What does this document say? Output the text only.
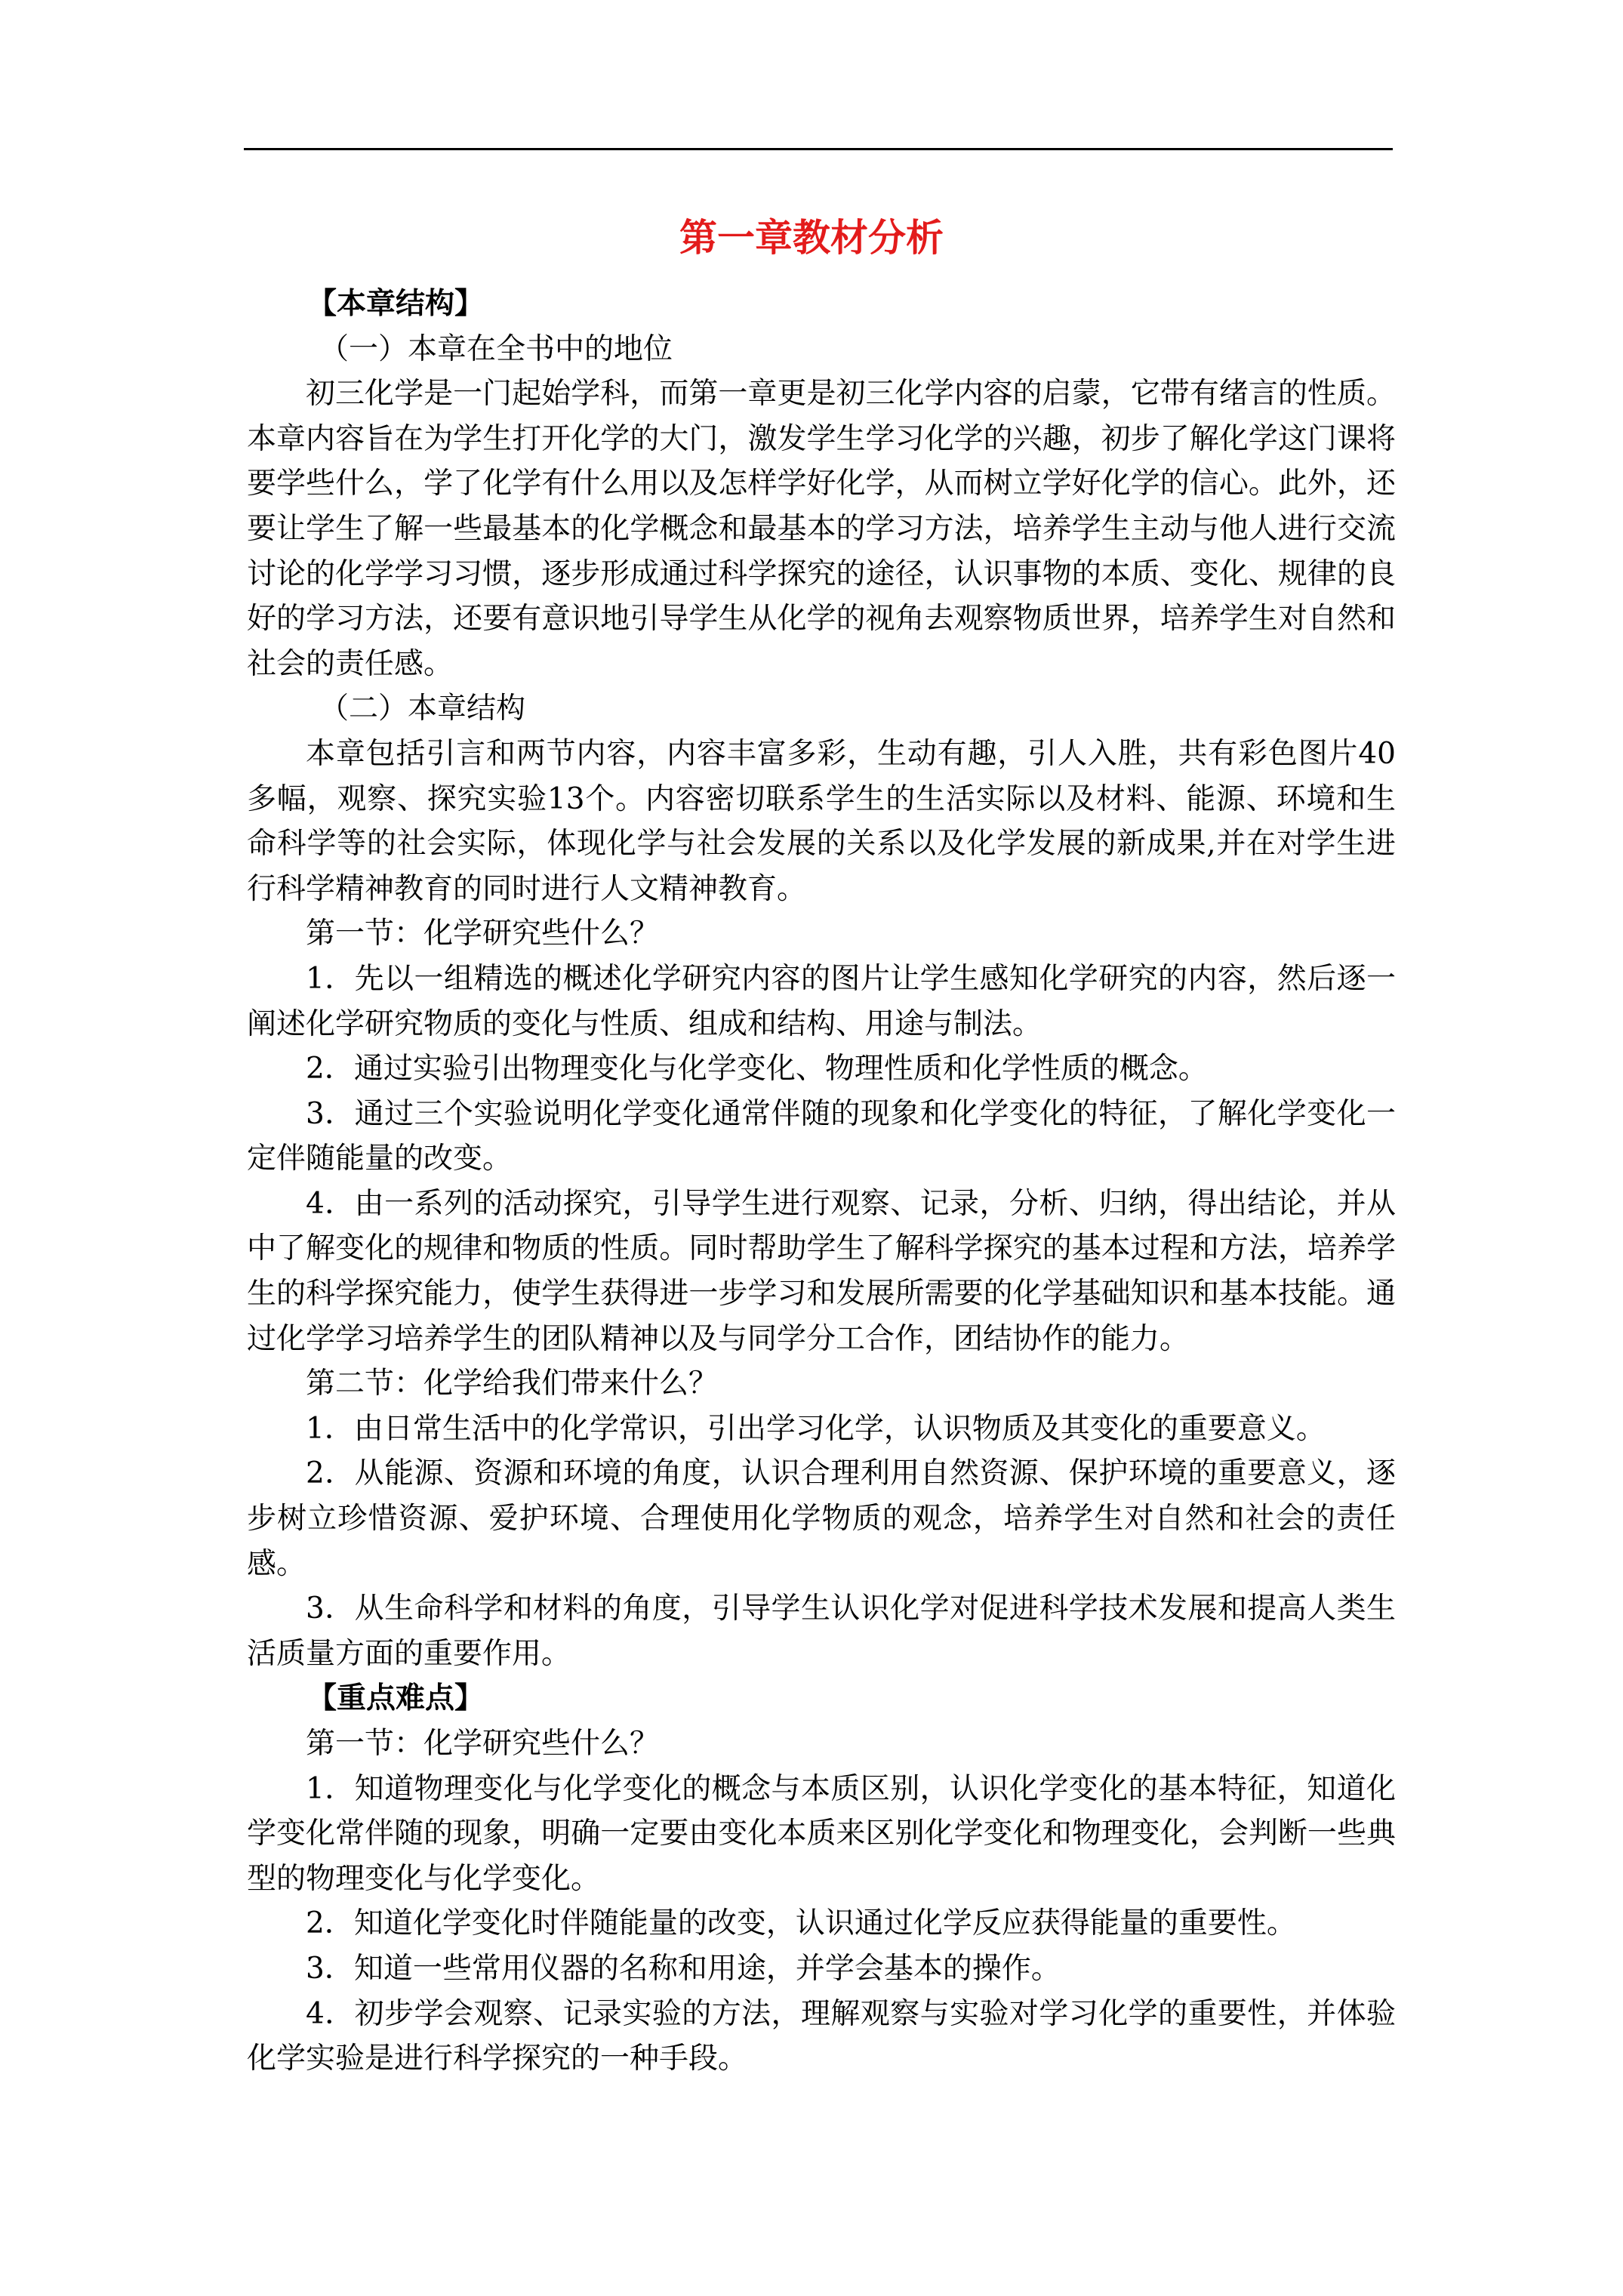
第一章教材分析

【本章结构】

（一）本章在全书中的地位

初三化学是一门起始学科，而第一章更是初三化学内容的启蒙，它带有绪言的性质。本章内容旨在为学生打开化学的大门，激发学生学习化学的兴趣，初步了解化学这门课将要学些什么，学了化学有什么用以及怎样学好化学，从而树立学好化学的信心。此外，还要让学生了解一些最基本的化学概念和最基本的学习方法，培养学生主动与他人进行交流讨论的化学学习习惯，逐步形成通过科学探究的途径，认识事物的本质、变化、规律的良好的学习方法，还要有意识地引导学生从化学的视角去观察物质世界，培养学生对自然和社会的责任感。

（二）本章结构

本章包括引言和两节内容，内容丰富多彩，生动有趣，引人入胜，共有彩色图片40多幅，观察、探究实验13个。内容密切联系学生的生活实际以及材料、能源、环境和生命科学等的社会实际，体现化学与社会发展的关系以及化学发展的新成果,并在对学生进行科学精神教育的同时进行人文精神教育。

第一节：化学研究些什么？

1．先以一组精选的概述化学研究内容的图片让学生感知化学研究的内容，然后逐一阐述化学研究物质的变化与性质、组成和结构、用途与制法。

2．通过实验引出物理变化与化学变化、物理性质和化学性质的概念。

3．通过三个实验说明化学变化通常伴随的现象和化学变化的特征，了解化学变化一定伴随能量的改变。

4．由一系列的活动探究，引导学生进行观察、记录，分析、归纳，得出结论，并从中了解变化的规律和物质的性质。同时帮助学生了解科学探究的基本过程和方法，培养学生的科学探究能力，使学生获得进一步学习和发展所需要的化学基础知识和基本技能。通过化学学习培养学生的团队精神以及与同学分工合作，团结协作的能力。

第二节：化学给我们带来什么？

1．由日常生活中的化学常识，引出学习化学，认识物质及其变化的重要意义。

2．从能源、资源和环境的角度，认识合理利用自然资源、保护环境的重要意义，逐步树立珍惜资源、爱护环境、合理使用化学物质的观念，培养学生对自然和社会的责任感。

3．从生命科学和材料的角度，引导学生认识化学对促进科学技术发展和提高人类生活质量方面的重要作用。

【重点难点】

第一节：化学研究些什么？

1．知道物理变化与化学变化的概念与本质区别，认识化学变化的基本特征，知道化学变化常伴随的现象，明确一定要由变化本质来区别化学变化和物理变化，会判断一些典型的物理变化与化学变化。

2．知道化学变化时伴随能量的改变，认识通过化学反应获得能量的重要性。

3．知道一些常用仪器的名称和用途，并学会基本的操作。

4．初步学会观察、记录实验的方法，理解观察与实验对学习化学的重要性，并体验化学实验是进行科学探究的一种手段。
